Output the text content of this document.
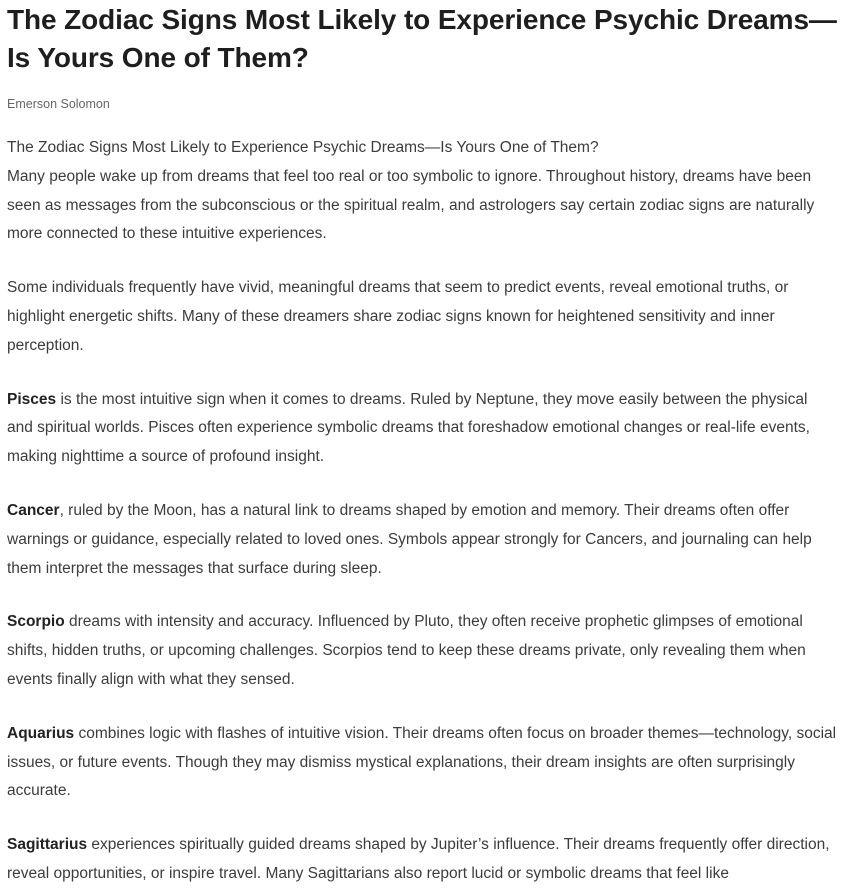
The Zodiac Signs Most Likely to Experience Psychic Dreams—Is Yours One of Them?
Emerson Solomon

The Zodiac Signs Most Likely to Experience Psychic Dreams—Is Yours One of Them?
Many people wake up from dreams that feel too real or too symbolic to ignore. Throughout history, dreams have been seen as messages from the subconscious or the spiritual realm, and astrologers say certain zodiac signs are naturally more connected to these intuitive experiences.

Some individuals frequently have vivid, meaningful dreams that seem to predict events, reveal emotional truths, or highlight energetic shifts. Many of these dreamers share zodiac signs known for heightened sensitivity and inner perception.

Pisces is the most intuitive sign when it comes to dreams. Ruled by Neptune, they move easily between the physical and spiritual worlds. Pisces often experience symbolic dreams that foreshadow emotional changes or real-life events, making nighttime a source of profound insight.

Cancer, ruled by the Moon, has a natural link to dreams shaped by emotion and memory. Their dreams often offer warnings or guidance, especially related to loved ones. Symbols appear strongly for Cancers, and journaling can help them interpret the messages that surface during sleep.

Scorpio dreams with intensity and accuracy. Influenced by Pluto, they often receive prophetic glimpses of emotional shifts, hidden truths, or upcoming challenges. Scorpios tend to keep these dreams private, only revealing them when events finally align with what they sensed.

Aquarius combines logic with flashes of intuitive vision. Their dreams often focus on broader themes—technology, social issues, or future events. Though they may dismiss mystical explanations, their dream insights are often surprisingly accurate.

Sagittarius experiences spiritually guided dreams shaped by Jupiter’s influence. Their dreams frequently offer direction, reveal opportunities, or inspire travel. Many Sagittarians also report lucid or symbolic dreams that feel like
